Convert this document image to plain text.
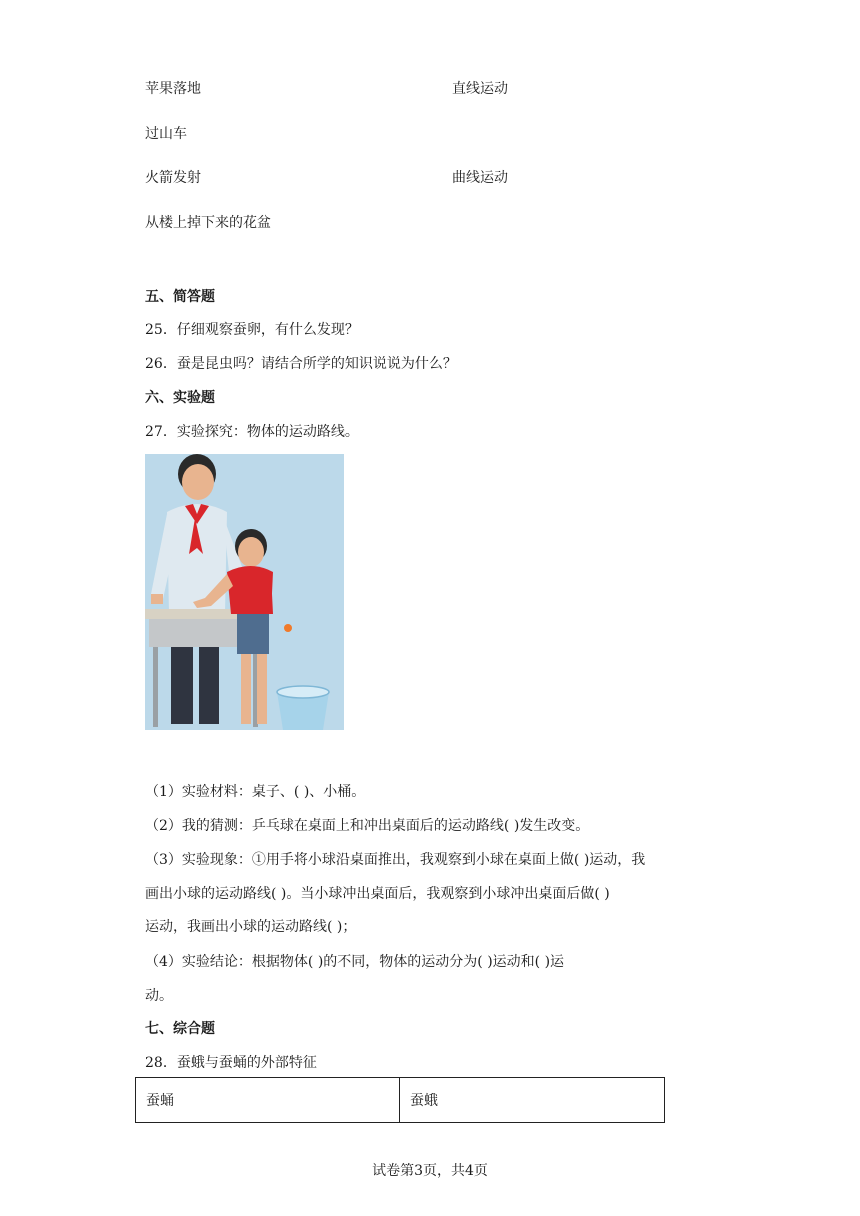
苹果落地	直线运动
过山车
火箭发射	曲线运动
从楼上掉下来的花盆
五、简答题
25．仔细观察蚕卵，有什么发现？
26．蚕是昆虫吗？请结合所学的知识说说为什么？
六、实验题
27．实验探究：物体的运动路线。
（1）实验材料：桌子、( )、小桶。
（2）我的猜测：乒乓球在桌面上和冲出桌面后的运动路线( )发生改变。
（3）实验现象：①用手将小球沿桌面推出，我观察到小球在桌面上做( )运动，我
画出小球的运动路线( )。当小球冲出桌面后，我观察到小球冲出桌面后做( )
运动，我画出小球的运动路线( )；
（4）实验结论：根据物体( )的不同，物体的运动分为( )运动和( )运
动。
七、综合题
28．蚕蛾与蚕蛹的外部特征
蚕蛹	蚕蛾
试卷第3页，共4页
